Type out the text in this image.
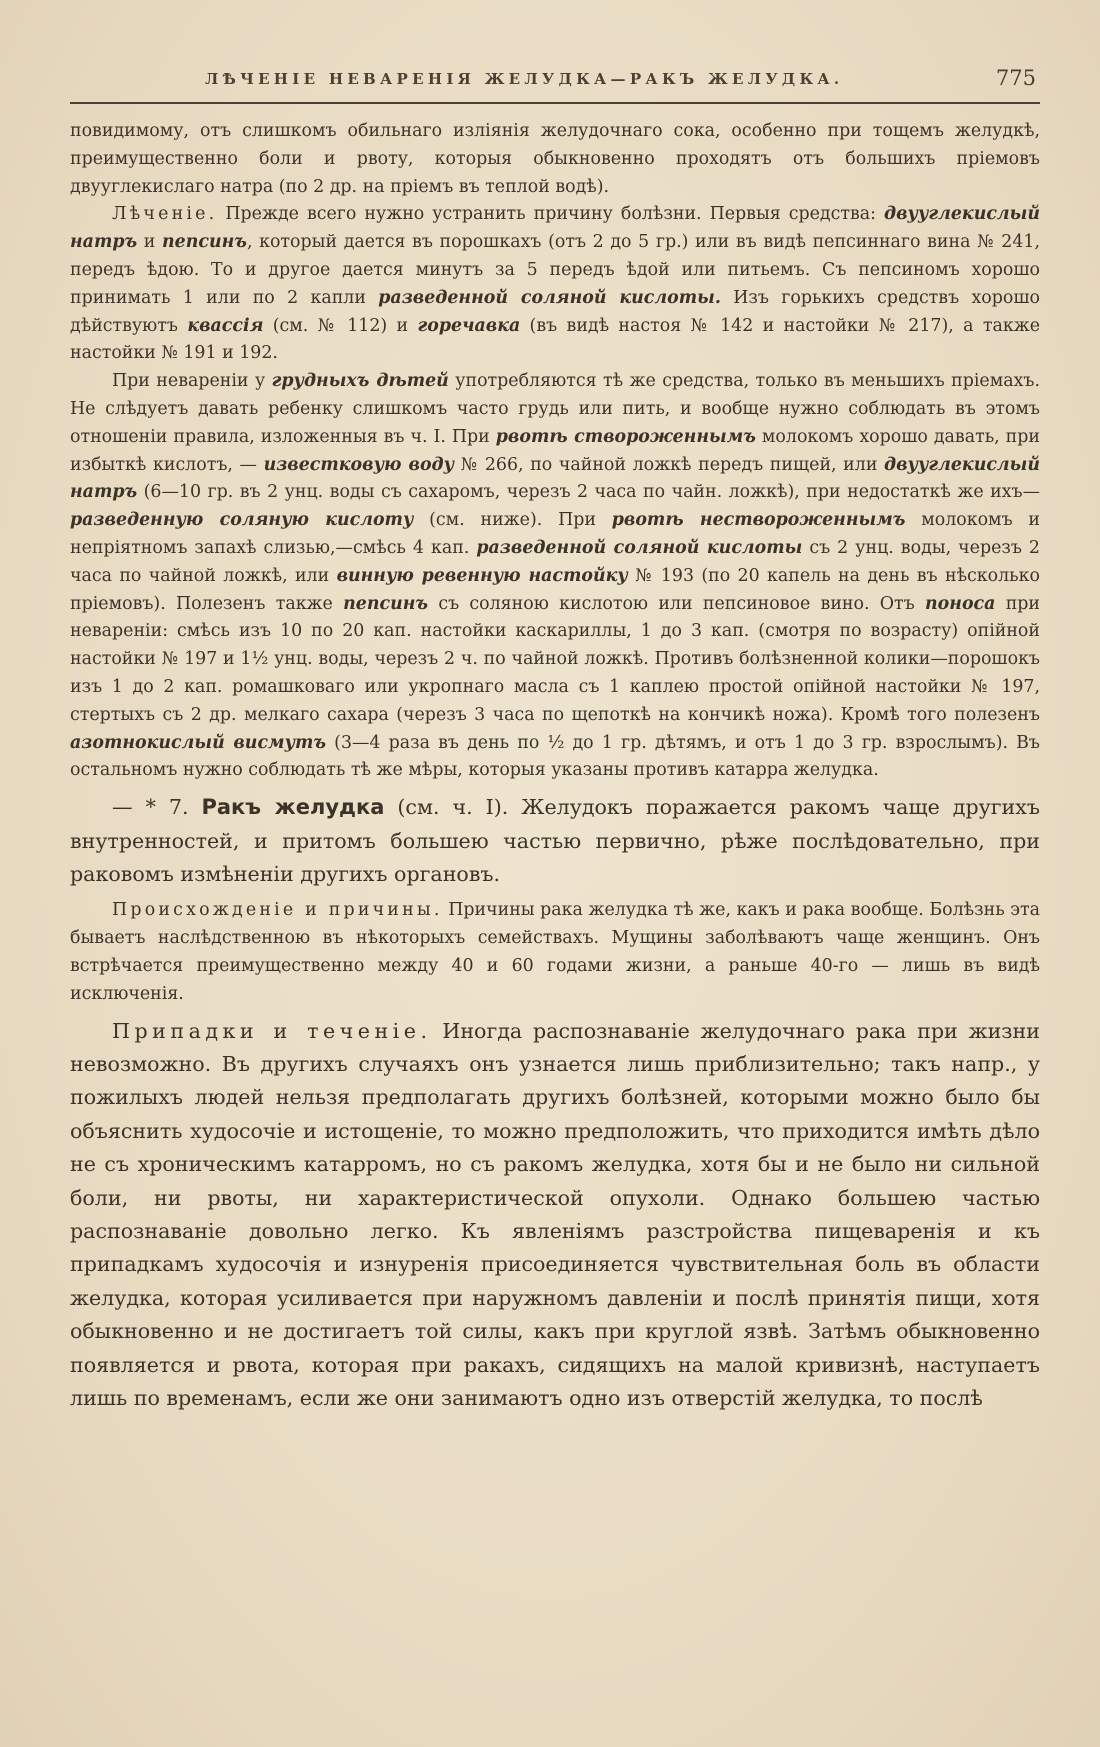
ЛѢЧЕНІЕ НЕВАРЕНІЯ ЖЕЛУДКА—РАКЪ ЖЕЛУДКА.	775

повидимому, отъ слишкомъ обильнаго изліянія желудочнаго сока, особенно при тощемъ желудкѣ, преимущественно боли и рвоту, которыя обыкновенно проходятъ отъ большихъ пріемовъ двууглекислаго натра (по 2 др. на пріемъ въ теплой водѣ).

Лѣченіе. Прежде всего нужно устранить причину болѣзни. Первыя средства: двууглекислый натръ и пепсинъ, который дается въ порошкахъ (отъ 2 до 5 гр.) или въ видѣ пепсиннаго вина № 241, передъ ѣдою. То и другое дается минутъ за 5 передъ ѣдой или питьемъ. Съ пепсиномъ хорошо принимать 1 или по 2 капли разведенной соляной кислоты. Изъ горькихъ средствъ хорошо дѣйствуютъ квассія (см. № 112) и горечавка (въ видѣ настоя № 142 и настойки № 217), а также настойки № 191 и 192.

При невареніи у грудныхъ дѣтей употребляются тѣ же средства, только въ меньшихъ пріемахъ. Не слѣдуетъ давать ребенку слишкомъ часто грудь или пить, и вообще нужно соблюдать въ этомъ отношеніи правила, изложенныя въ ч. I. При рвотѣ створоженнымъ молокомъ хорошо давать, при избыткѣ кислотъ, — известковую воду № 266, по чайной ложкѣ передъ пищей, или двууглекислый натръ (6—10 гр. въ 2 унц. воды съ сахаромъ, черезъ 2 часа по чайн. ложкѣ), при недостаткѣ же ихъ—разведенную соляную кислоту (см. ниже). При рвотѣ нествороженнымъ молокомъ и непріятномъ запахѣ слизью,—смѣсь 4 кап. разведенной соляной кислоты съ 2 унц. воды, черезъ 2 часа по чайной ложкѣ, или винную ревенную настойку № 193 (по 20 капель на день въ нѣсколько пріемовъ). Полезенъ также пепсинъ съ соляною кислотою или пепсиновое вино. Отъ поноса при невареніи: смѣсь изъ 10 по 20 кап. настойки каскариллы, 1 до 3 кап. (смотря по возрасту) опійной настойки № 197 и 1½ унц. воды, черезъ 2 ч. по чайной ложкѣ. Противъ болѣзненной колики—порошокъ изъ 1 до 2 кап. ромашковаго или укропнаго масла съ 1 каплею простой опійной настойки № 197, стертыхъ съ 2 др. мелкаго сахара (черезъ 3 часа по щепоткѣ на кончикѣ ножа). Кромѣ того полезенъ азотнокислый висмутъ (3—4 раза въ день по ½ до 1 гр. дѣтямъ, и отъ 1 до 3 гр. взрослымъ). Въ остальномъ нужно соблюдать тѣ же мѣры, которыя указаны противъ катарра желудка.

— * 7. Ракъ желудка (см. ч. I). Желудокъ поражается ракомъ чаще другихъ внутренностей, и притомъ большею частью первично, рѣже послѣдовательно, при раковомъ измѣненіи другихъ органовъ.

Происхожденіе и причины. Причины рака желудка тѣ же, какъ и рака вообще. Болѣзнь эта бываетъ наслѣдственною въ нѣкоторыхъ семействахъ. Мущины заболѣваютъ чаще женщинъ. Онъ встрѣчается преимущественно между 40 и 60 годами жизни, а раньше 40-го — лишь въ видѣ исключенія.

Припадки и теченіе. Иногда распознаваніе желудочнаго рака при жизни невозможно. Въ другихъ случаяхъ онъ узнается лишь приблизительно; такъ напр., у пожилыхъ людей нельзя предполагать другихъ болѣзней, которыми можно было бы объяснить худосочіе и истощеніе, то можно предположить, что приходится имѣть дѣло не съ хроническимъ катарромъ, но съ ракомъ желудка, хотя бы и не было ни сильной боли, ни рвоты, ни характеристической опухоли. Однако большею частью распознаваніе довольно легко. Къ явленіямъ разстройства пищеваренія и къ припадкамъ худосочія и изнуренія присоединяется чувствительная боль въ области желудка, которая усиливается при наружномъ давленіи и послѣ принятія пищи, хотя обыкновенно и не достигаетъ той силы, какъ при круглой язвѣ. Затѣмъ обыкновенно появляется и рвота, которая при ракахъ, сидящихъ на малой кривизнѣ, наступаетъ лишь по временамъ, если же они занимаютъ одно изъ отверстій желудка, то послѣ
